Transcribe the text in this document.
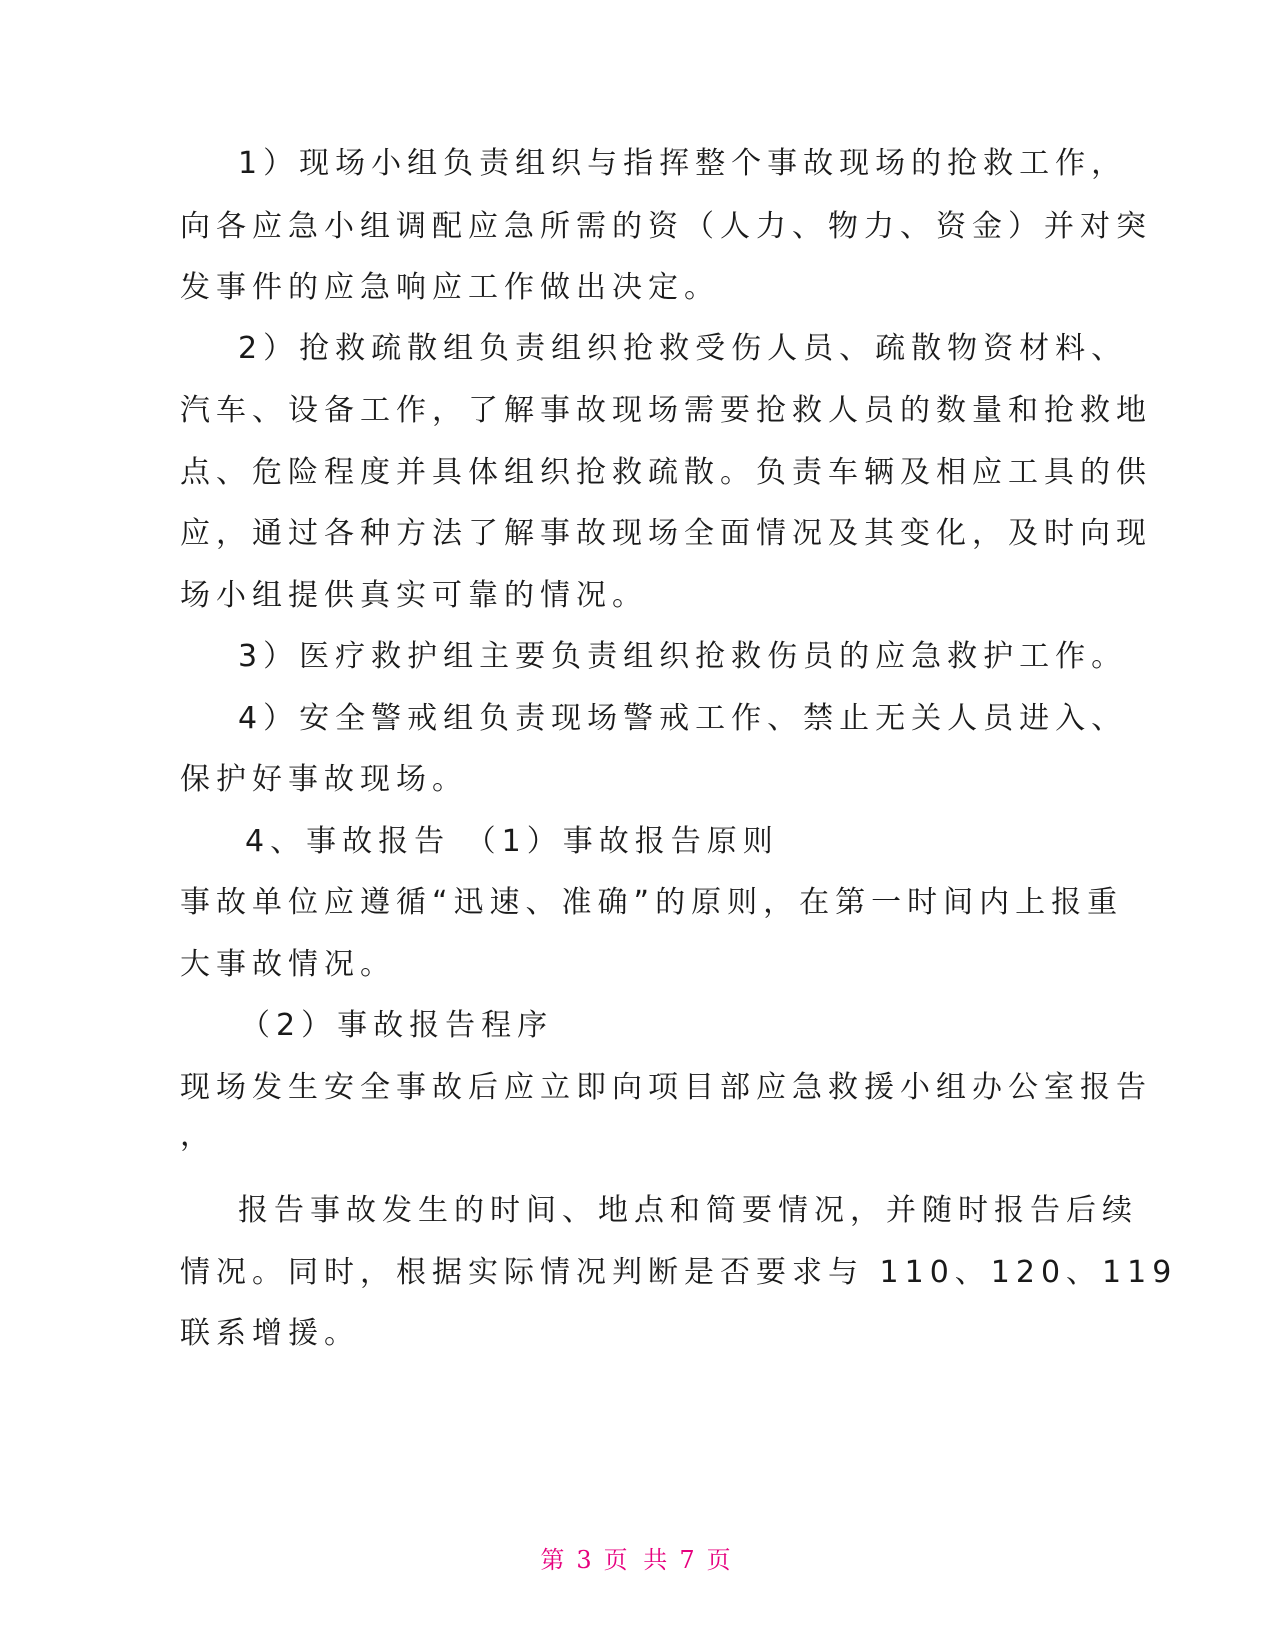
1）现场小组负责组织与指挥整个事故现场的抢救工作，
向各应急小组调配应急所需的资（人力、物力、资金）并对突
发事件的应急响应工作做出决定。
2）抢救疏散组负责组织抢救受伤人员、疏散物资材料、
汽车、设备工作，了解事故现场需要抢救人员的数量和抢救地
点、危险程度并具体组织抢救疏散。负责车辆及相应工具的供
应，通过各种方法了解事故现场全面情况及其变化，及时向现
场小组提供真实可靠的情况。
3）医疗救护组主要负责组织抢救伤员的应急救护工作。
4）安全警戒组负责现场警戒工作、禁止无关人员进入、
保护好事故现场。
4、事故报告 （1）事故报告原则
事故单位应遵循“迅速、准确”的原则，在第一时间内上报重
大事故情况。
（2）事故报告程序
现场发生安全事故后应立即向项目部应急救援小组办公室报告
，
报告事故发生的时间、地点和简要情况，并随时报告后续
情况。同时，根据实际情况判断是否要求与 110、120、119
联系增援。
第 3 页 共 7 页
